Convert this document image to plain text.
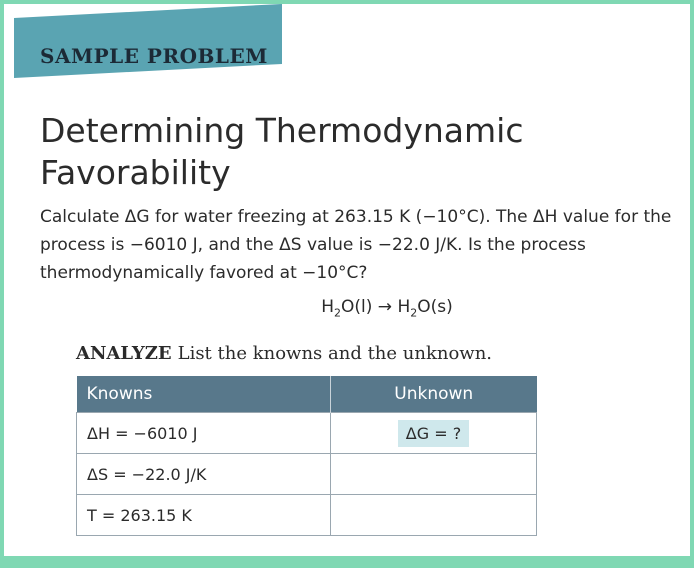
SAMPLE PROBLEM
Determining Thermodynamic Favorability
Calculate ΔG for water freezing at 263.15 K (−10°C). The ΔH value for the process is −6010 J, and the ΔS value is −22.0 J/K. Is the process thermodynamically favored at −10°C?
$H_2O(l) \to H_2O(s)$
ANALYZE List the knowns and the unknown.
Knowns	Unknown
ΔH = −6010 J	ΔG = ?
ΔS = −22.0 J/K	
T = 263.15 K	
